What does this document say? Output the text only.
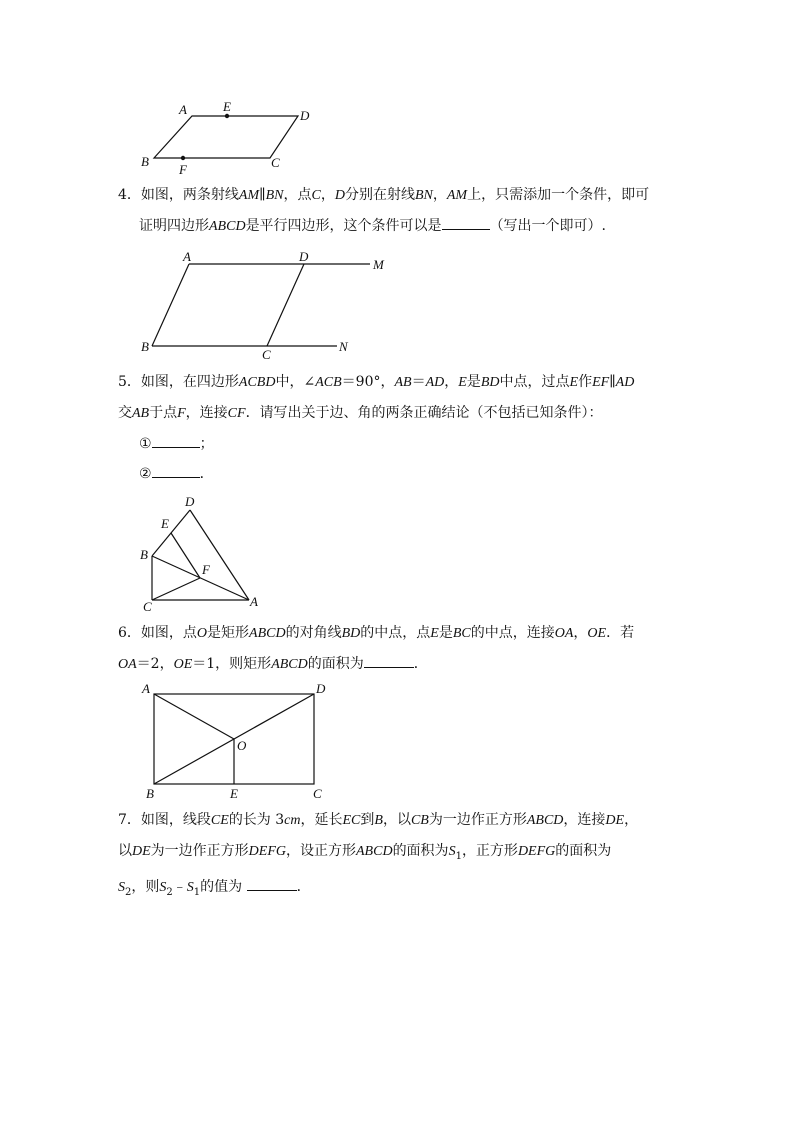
A	E
D
B
F	C

4．如图，两条射线AM∥BN，点C，D分别在射线BN，AM上，只需添加一个条件，即可

证明四边形ABCD是平行四边形，这个条件可以是	（写出一个即可）.

A	D
M
B
C
N

5．如图，在四边形ACBD中，∠ACB＝90°，AB＝AD，E是BD中点，过点E作EF∥AD

交AB于点F，连接CF．请写出关于边、角的两条正确结论（不包括已知条件）：

①	；

②	．

D
E
B
F
C	A

6．如图，点O是矩形ABCD的对角线BD的中点，点E是BC的中点，连接OA，OE．若

OA＝2，OE＝1，则矩形ABCD的面积为	．

A	D
O
B	E	C

7．如图，线段CE的长为 3cm，延长EC到B，以CB为一边作正方形ABCD，连接DE，

以DE为一边作正方形DEFG，设正方形ABCD的面积为$S_1$，正方形DEFG的面积为

$S_2$，则$S_2﹣S_1$的值为	．
